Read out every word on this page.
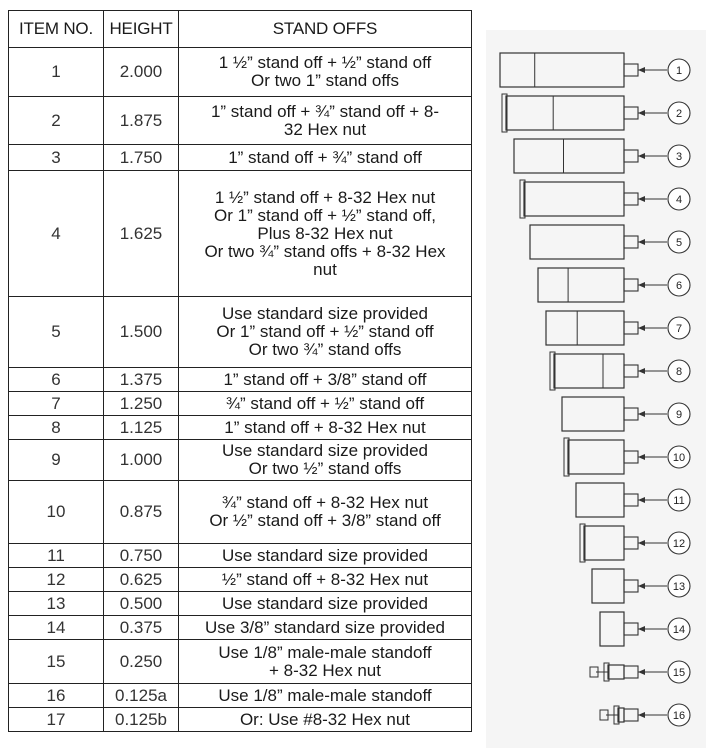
ITEM NO.	HEIGHT	STAND OFFS
1	2.000	1 ½” stand off + ½” stand off
Or two 1” stand offs

2	1.875	1” stand off + ¾” stand off + 8-
32 Hex nut

3	1.750	1” stand off + ¾” stand off

4	1.625	1 ½” stand off + 8-32 Hex nut
Or 1” stand off + ½” stand off,
Plus 8-32 Hex nut
Or two ¾” stand offs + 8-32 Hex
nut

5	1.500	Use standard size provided
Or 1” stand off + ½” stand off
Or two ¾” stand offs

6	1.375	1” stand off + 3/8” stand off

7	1.250	¾” stand off + ½” stand off

8	1.125	1” stand off + 8-32 Hex nut

9	1.000	Use standard size provided
Or two ½” stand offs

10	0.875	¾” stand off + 8-32 Hex nut
Or ½” stand off + 3/8” stand off

11	0.750	Use standard size provided

12	0.625	½” stand off + 8-32 Hex nut

13	0.500	Use standard size provided

14	0.375	Use 3/8” standard size provided

15	0.250	Use 1/8” male-male standoff
+ 8-32 Hex nut

16	0.125a	Use 1/8” male-male standoff

17	0.125b	Or: Use #8-32 Hex nut
1
2
3
4
5
6
7
8
9
10
11
12
13
14
15
16
